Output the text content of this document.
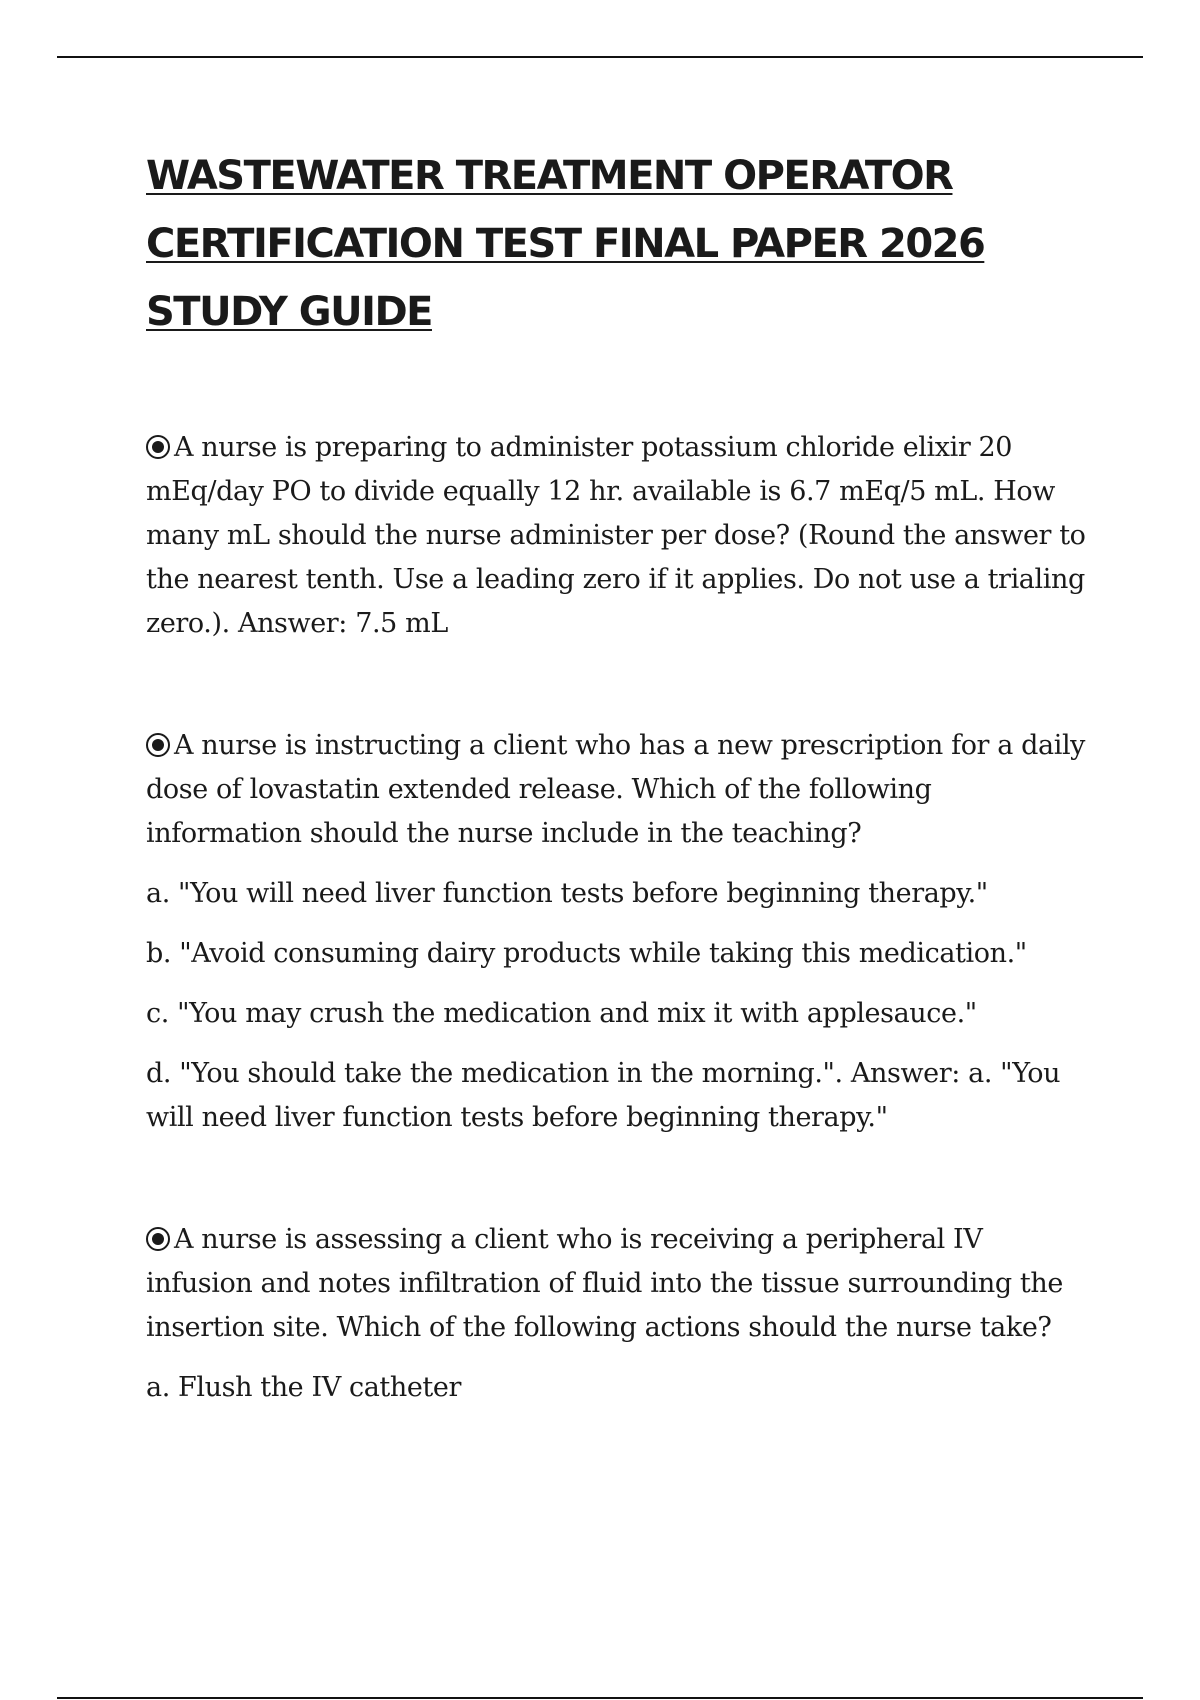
WASTEWATER TREATMENT OPERATOR CERTIFICATION TEST FINAL PAPER 2026 STUDY GUIDE

A nurse is preparing to administer potassium chloride elixir 20 mEq/day PO to divide equally 12 hr. available is 6.7 mEq/5 mL. How many mL should the nurse administer per dose? (Round the answer to the nearest tenth. Use a leading zero if it applies. Do not use a trialing zero.). Answer: 7.5 mL

A nurse is instructing a client who has a new prescription for a daily dose of lovastatin extended release. Which of the following information should the nurse include in the teaching?

a. "You will need liver function tests before beginning therapy."

b. "Avoid consuming dairy products while taking this medication."

c. "You may crush the medication and mix it with applesauce."

d. "You should take the medication in the morning.". Answer: a. "You will need liver function tests before beginning therapy."

A nurse is assessing a client who is receiving a peripheral IV infusion and notes infiltration of fluid into the tissue surrounding the insertion site. Which of the following actions should the nurse take?

a. Flush the IV catheter
